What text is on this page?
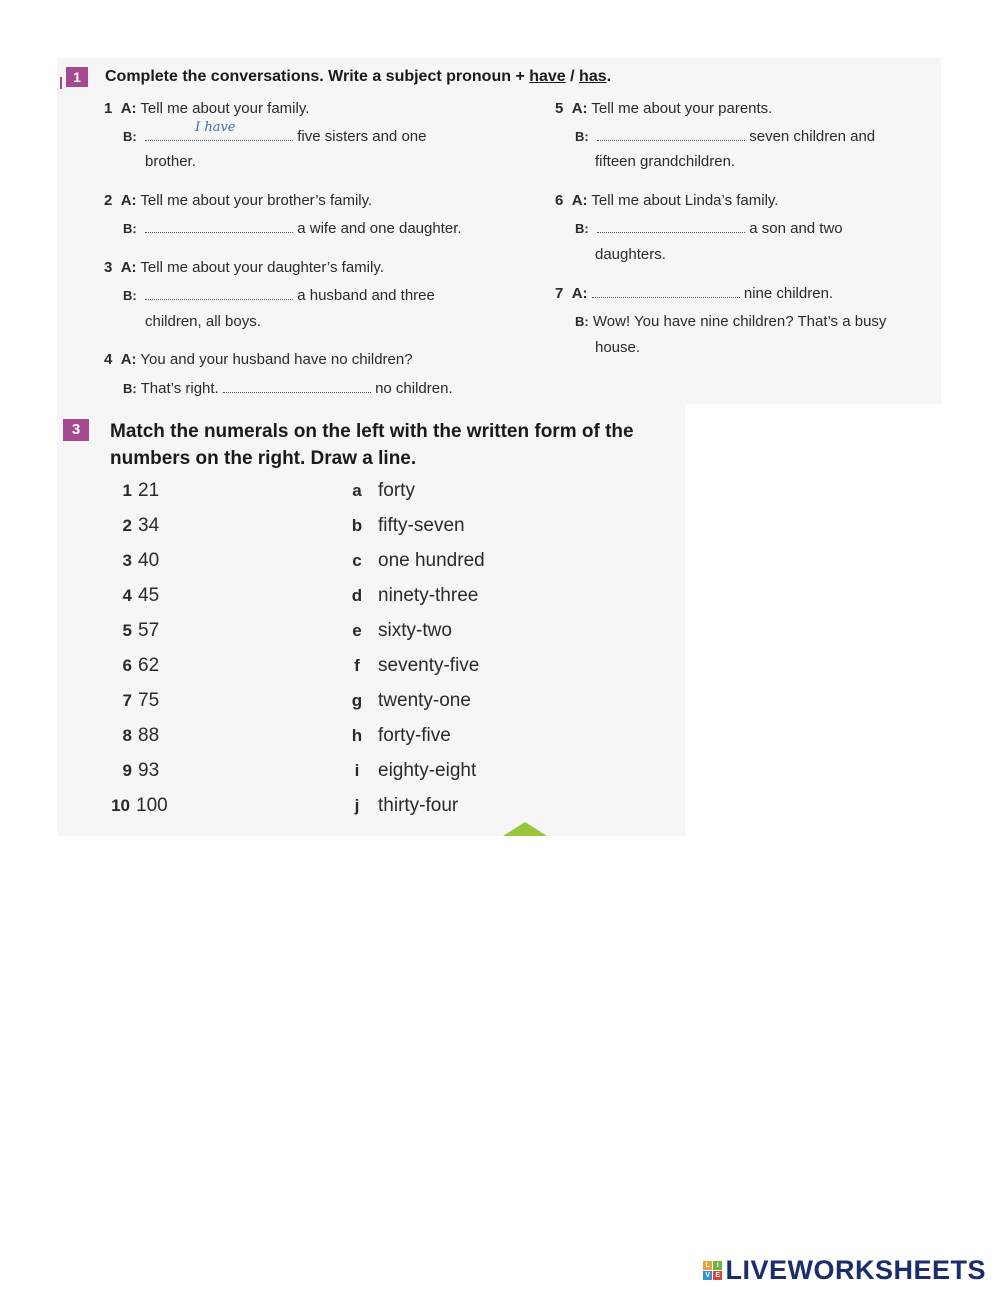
1	Complete the conversations. Write a subject pronoun + have / has.
1 A: Tell me about your family.
B:
I have
five sisters and one
brother.
2 A: Tell me about your brother’s family.
B:	a wife and one daughter.
3 A: Tell me about your daughter’s family.
B:	a husband and three
children, all boys.
4 A: You and your husband have no children?
B: That’s right.	no children.
5 A: Tell me about your parents.
B:	seven children and
fifteen grandchildren.
6 A: Tell me about Linda’s family.
B:	a son and two
daughters.
7 A:	nine children.
B: Wow! You have nine children? That’s a busy
house.
3	Match the numerals on the left with the written form of the
numbers on the right. Draw a line.
1 21
2 34
3 40
4 45
5 57
6 62
7 75
8 88
9 93
10 100
a forty
b fifty-seven
c one hundred
d ninety-three
e sixty-two
f seventy-five
g twenty-one
h forty-five
i eighty-eight
j thirty-four
L I
V E LIVEWORKSHEETS
